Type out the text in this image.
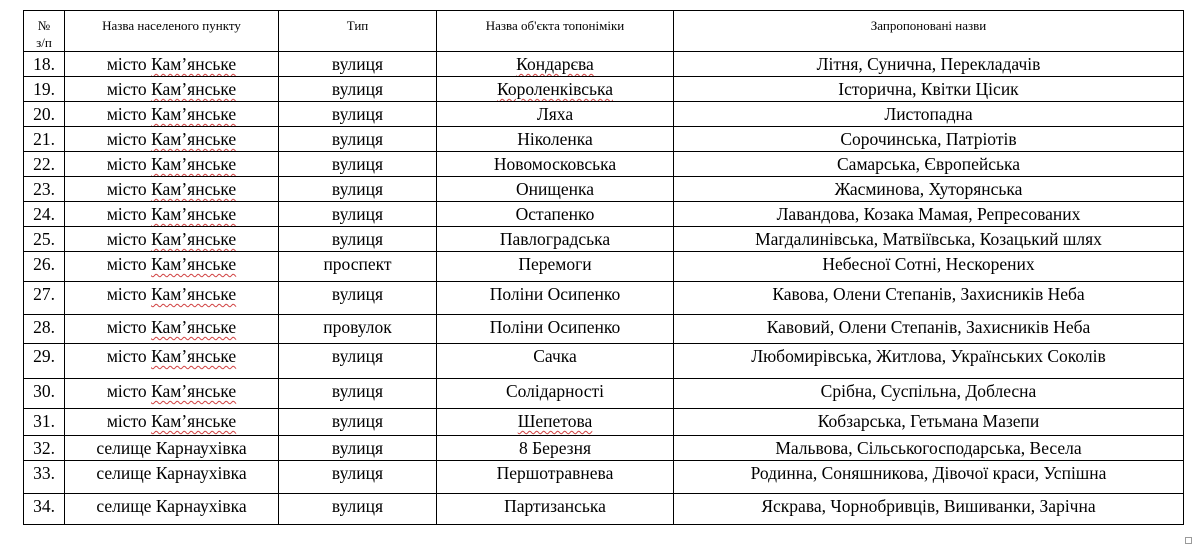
№
з/п	Назва населеного пункту	Тип	Назва об'єкта топоніміки	Запропоновані назви
18.	місто Кам’янське	вулиця	Кондарєва	Літня, Сунична, Перекладачів
19.	місто Кам’янське	вулиця	Короленківська	Історична, Квітки Цісик
20.	місто Кам’янське	вулиця	Ляха	Листопадна
21.	місто Кам’янське	вулиця	Ніколенка	Сорочинська, Патріотів
22.	місто Кам’янське	вулиця	Новомосковська	Самарська, Європейська
23.	місто Кам’янське	вулиця	Онищенка	Жасминова, Хуторянська
24.	місто Кам’янське	вулиця	Остапенко	Лавандова, Козака Мамая, Репресованих
25.	місто Кам’янське	вулиця	Павлоградська	Магдалинівська, Матвіївська, Козацький шлях
26.	місто Кам’янське	проспект	Перемоги	Небесної Сотні, Нескорених
27.	місто Кам’янське	вулиця	Поліни Осипенко	Кавова, Олени Степанів, Захисників Неба
28.	місто Кам’янське	провулок	Поліни Осипенко	Кавовий, Олени Степанів, Захисників Неба
29.	місто Кам’янське	вулиця	Сачка	Любомирівська, Житлова, Українських Соколів
30.	місто Кам’янське	вулиця	Солідарності	Срібна, Суспільна, Доблесна
31.	місто Кам’янське	вулиця	Шепетова	Кобзарська, Гетьмана Мазепи
32.	селище Карнаухівка	вулиця	8 Березня	Мальвова, Сільськогосподарська, Весела
33.	селище Карнаухівка	вулиця	Першотравнева	Родинна, Соняшникова, Дівочої краси, Успішна
34.	селище Карнаухівка	вулиця	Партизанська	Яскрава, Чорнобривців, Вишиванки, Зарічна
